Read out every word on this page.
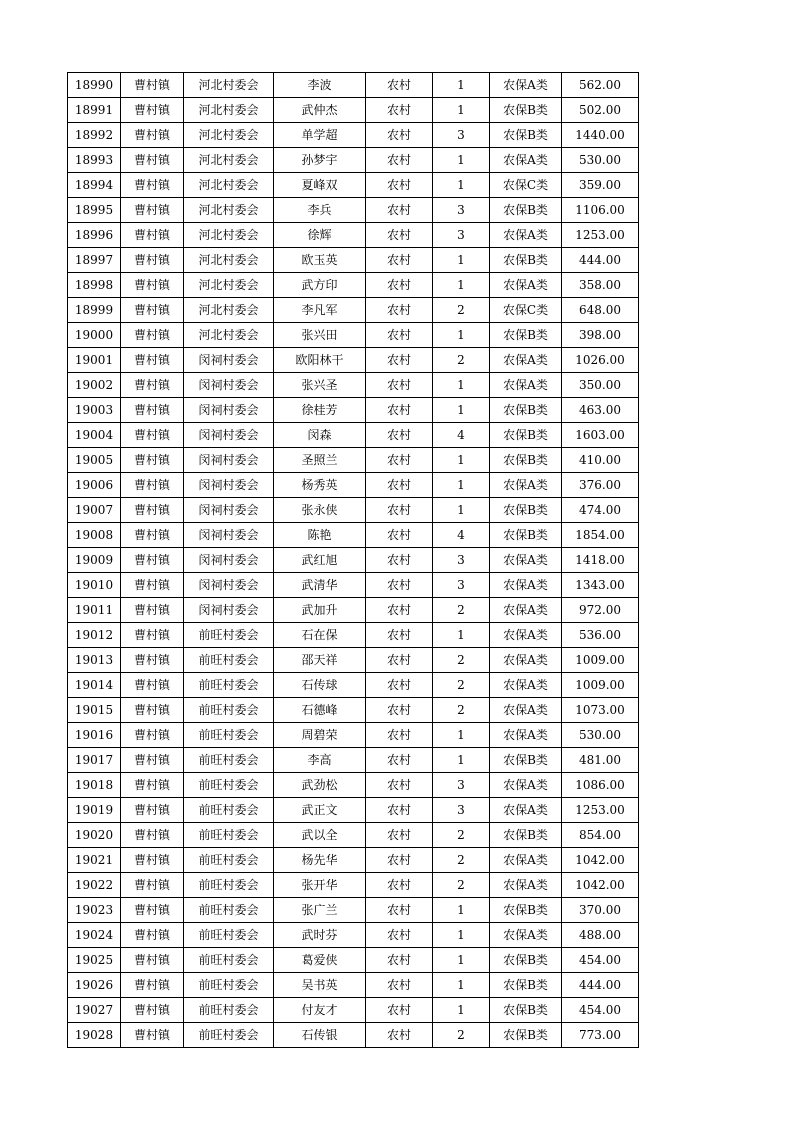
18990	曹村镇	河北村委会	李波	农村	1	农保A类	562.00
18991	曹村镇	河北村委会	武仲杰	农村	1	农保B类	502.00
18992	曹村镇	河北村委会	单学超	农村	3	农保B类	1440.00
18993	曹村镇	河北村委会	孙梦宇	农村	1	农保A类	530.00
18994	曹村镇	河北村委会	夏峰双	农村	1	农保C类	359.00
18995	曹村镇	河北村委会	李兵	农村	3	农保B类	1106.00
18996	曹村镇	河北村委会	徐辉	农村	3	农保A类	1253.00
18997	曹村镇	河北村委会	欧玉英	农村	1	农保B类	444.00
18998	曹村镇	河北村委会	武方印	农村	1	农保A类	358.00
18999	曹村镇	河北村委会	李凡军	农村	2	农保C类	648.00
19000	曹村镇	河北村委会	张兴田	农村	1	农保B类	398.00
19001	曹村镇	闵祠村委会	欧阳林干	农村	2	农保A类	1026.00
19002	曹村镇	闵祠村委会	张兴圣	农村	1	农保A类	350.00
19003	曹村镇	闵祠村委会	徐桂芳	农村	1	农保B类	463.00
19004	曹村镇	闵祠村委会	闵森	农村	4	农保B类	1603.00
19005	曹村镇	闵祠村委会	圣照兰	农村	1	农保B类	410.00
19006	曹村镇	闵祠村委会	杨秀英	农村	1	农保A类	376.00
19007	曹村镇	闵祠村委会	张永侠	农村	1	农保B类	474.00
19008	曹村镇	闵祠村委会	陈艳	农村	4	农保B类	1854.00
19009	曹村镇	闵祠村委会	武红旭	农村	3	农保A类	1418.00
19010	曹村镇	闵祠村委会	武清华	农村	3	农保A类	1343.00
19011	曹村镇	闵祠村委会	武加升	农村	2	农保A类	972.00
19012	曹村镇	前旺村委会	石在保	农村	1	农保A类	536.00
19013	曹村镇	前旺村委会	邵天祥	农村	2	农保A类	1009.00
19014	曹村镇	前旺村委会	石传球	农村	2	农保A类	1009.00
19015	曹村镇	前旺村委会	石德峰	农村	2	农保A类	1073.00
19016	曹村镇	前旺村委会	周碧荣	农村	1	农保A类	530.00
19017	曹村镇	前旺村委会	李高	农村	1	农保B类	481.00
19018	曹村镇	前旺村委会	武劲松	农村	3	农保A类	1086.00
19019	曹村镇	前旺村委会	武正文	农村	3	农保A类	1253.00
19020	曹村镇	前旺村委会	武以全	农村	2	农保B类	854.00
19021	曹村镇	前旺村委会	杨先华	农村	2	农保A类	1042.00
19022	曹村镇	前旺村委会	张开华	农村	2	农保A类	1042.00
19023	曹村镇	前旺村委会	张广兰	农村	1	农保B类	370.00
19024	曹村镇	前旺村委会	武时芬	农村	1	农保A类	488.00
19025	曹村镇	前旺村委会	葛爱侠	农村	1	农保B类	454.00
19026	曹村镇	前旺村委会	吴书英	农村	1	农保B类	444.00
19027	曹村镇	前旺村委会	付友才	农村	1	农保B类	454.00
19028	曹村镇	前旺村委会	石传银	农村	2	农保B类	773.00
